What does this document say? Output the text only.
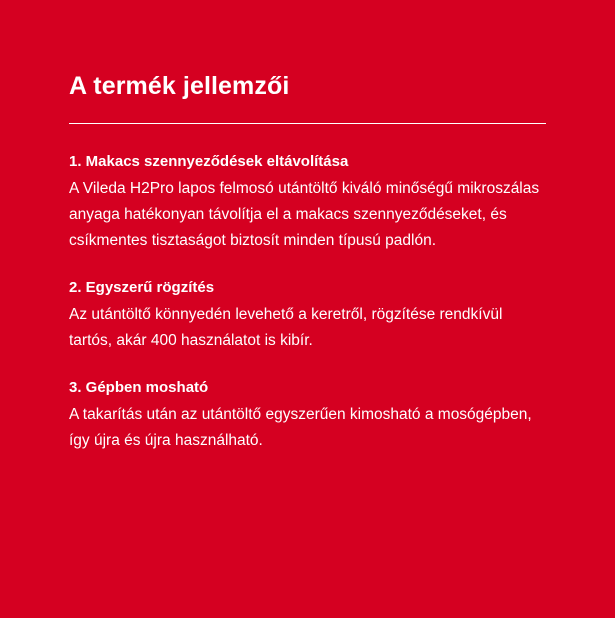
A termék jellemzői
1. Makacs szennyeződések eltávolítása

A Vileda H2Pro lapos felmosó utántöltő kiváló minőségű mikroszálas anyaga hatékonyan távolítja el a makacs szennyeződéseket, és csíkmentes tisztaságot biztosít minden típusú padlón.

2. Egyszerű rögzítés

Az utántöltő könnyedén levehető a keretről, rögzítése rendkívül tartós, akár 400 használatot is kibír.

3. Gépben mosható

A takarítás után az utántöltő egyszerűen kimosható a mosógépben, így újra és újra használható.
